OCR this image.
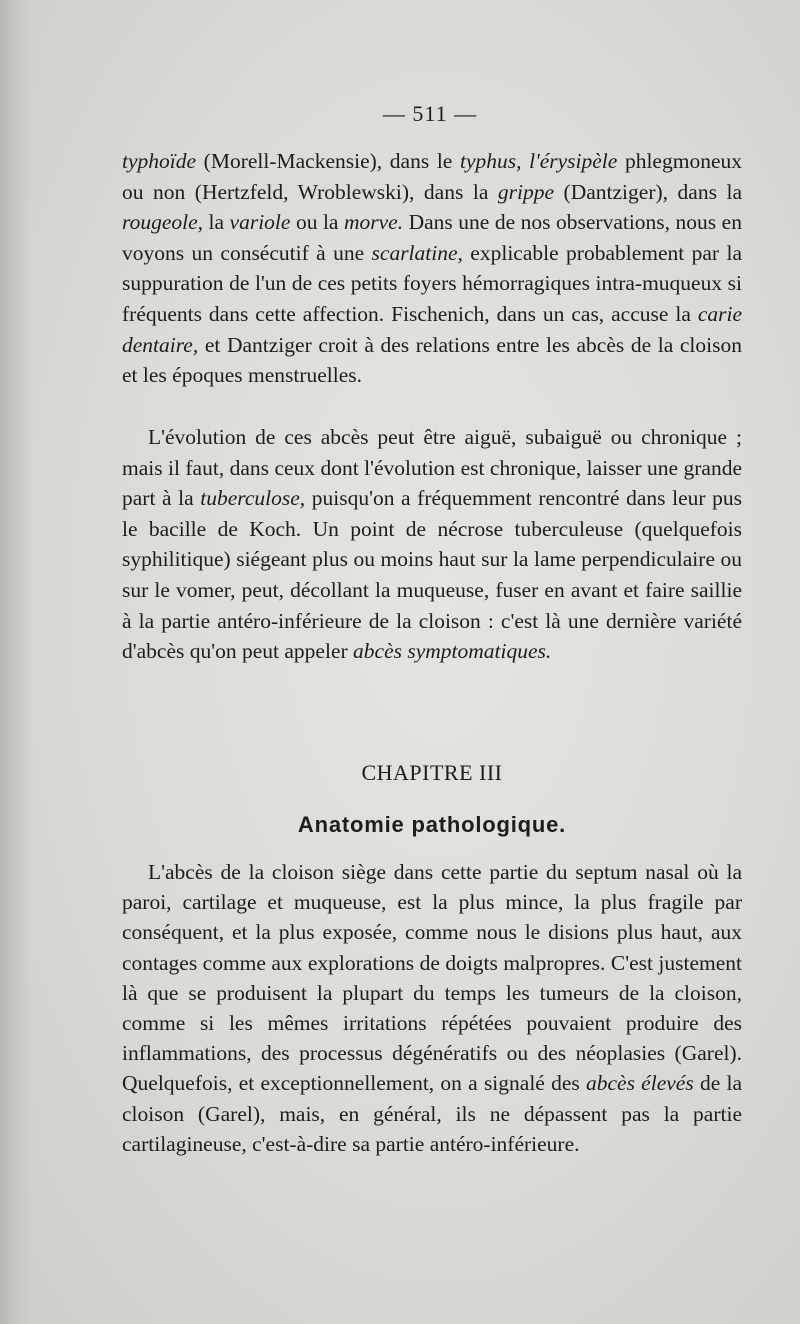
— 511 —

typhoïde (Morell-Mackensie), dans le typhus, l'érysipèle phlegmoneux ou non (Hertzfeld, Wroblewski), dans la grippe (Dantziger), dans la rougeole, la variole ou la morve. Dans une de nos observations, nous en voyons un consécutif à une scarlatine, explicable probablement par la suppuration de l'un de ces petits foyers hémorragiques intra-muqueux si fréquents dans cette affection. Fischenich, dans un cas, accuse la carie dentaire, et Dantziger croit à des relations entre les abcès de la cloison et les époques menstruelles.

L'évolution de ces abcès peut être aiguë, subaiguë ou chronique ; mais il faut, dans ceux dont l'évolution est chronique, laisser une grande part à la tuberculose, puisqu'on a fréquemment rencontré dans leur pus le bacille de Koch. Un point de nécrose tuberculeuse (quelquefois syphilitique) siégeant plus ou moins haut sur la lame perpendiculaire ou sur le vomer, peut, décollant la muqueuse, fuser en avant et faire saillie à la partie antéro-inférieure de la cloison : c'est là une dernière variété d'abcès qu'on peut appeler abcès symptomatiques.

CHAPITRE III
Anatomie pathologique.

L'abcès de la cloison siège dans cette partie du septum nasal où la paroi, cartilage et muqueuse, est la plus mince, la plus fragile par conséquent, et la plus exposée, comme nous le disions plus haut, aux contages comme aux explorations de doigts malpropres. C'est justement là que se produisent la plupart du temps les tumeurs de la cloison, comme si les mêmes irritations répétées pouvaient produire des inflammations, des processus dégénératifs ou des néoplasies (Garel). Quelquefois, et exceptionnellement, on a signalé des abcès élevés de la cloison (Garel), mais, en général, ils ne dépassent pas la partie cartilagineuse, c'est-à-dire sa partie antéro-inférieure.
